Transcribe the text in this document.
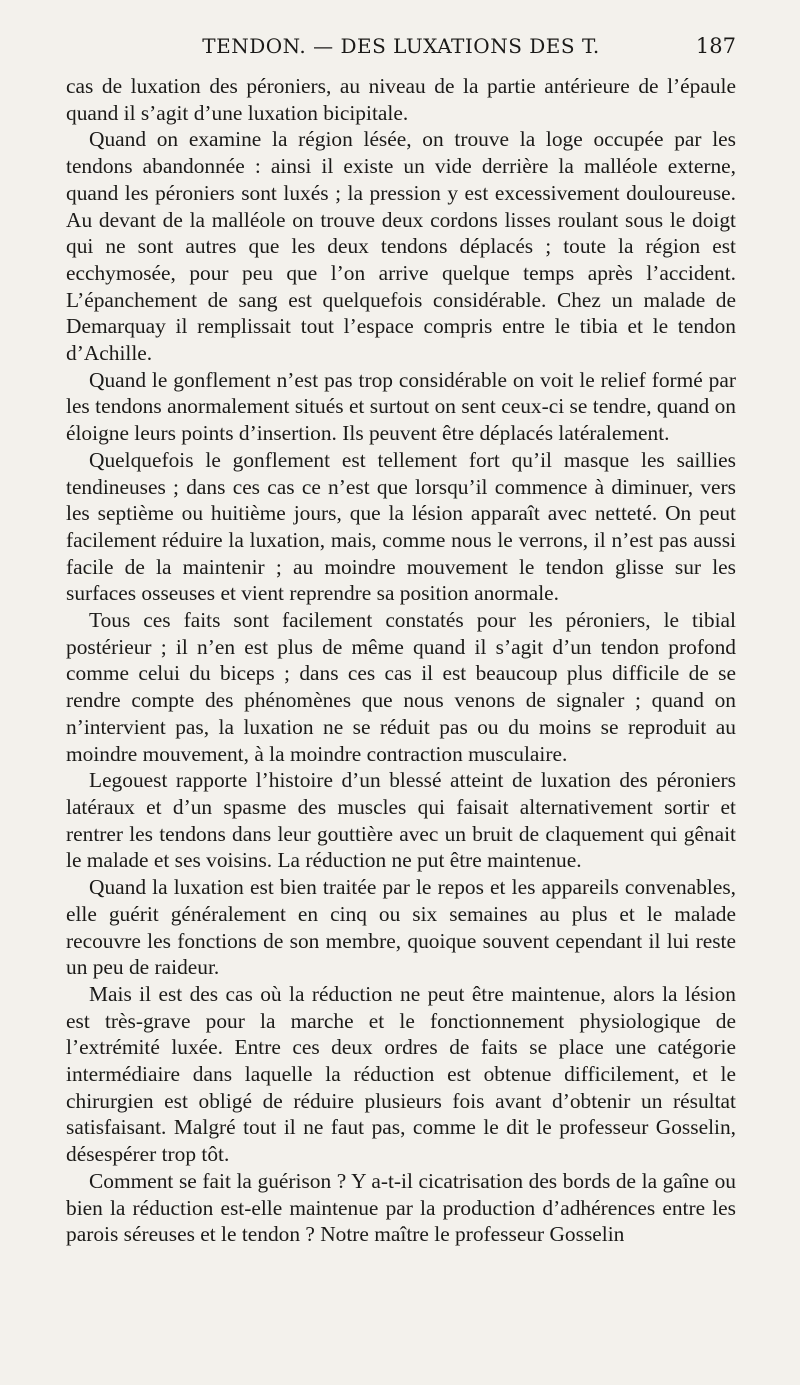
TENDON. — DES LUXATIONS DES T.	187

cas de luxation des péroniers, au niveau de la partie antérieure de l’épaule quand il s’agit d’une luxation bicipitale.

Quand on examine la région lésée, on trouve la loge occupée par les tendons abandonnée : ainsi il existe un vide derrière la malléole externe, quand les péroniers sont luxés ; la pression y est excessivement douloureuse. Au devant de la malléole on trouve deux cordons lisses roulant sous le doigt qui ne sont autres que les deux tendons déplacés ; toute la région est ecchymosée, pour peu que l’on arrive quelque temps après l’accident. L’épanchement de sang est quelquefois considérable. Chez un malade de Demarquay il remplissait tout l’espace compris entre le tibia et le tendon d’Achille.

Quand le gonflement n’est pas trop considérable on voit le relief formé par les tendons anormalement situés et surtout on sent ceux-ci se tendre, quand on éloigne leurs points d’insertion. Ils peuvent être déplacés latéralement.

Quelquefois le gonflement est tellement fort qu’il masque les saillies tendineuses ; dans ces cas ce n’est que lorsqu’il commence à diminuer, vers les septième ou huitième jours, que la lésion apparaît avec netteté. On peut facilement réduire la luxation, mais, comme nous le verrons, il n’est pas aussi facile de la maintenir ; au moindre mouvement le tendon glisse sur les surfaces osseuses et vient reprendre sa position anormale.

Tous ces faits sont facilement constatés pour les péroniers, le tibial postérieur ; il n’en est plus de même quand il s’agit d’un tendon profond comme celui du biceps ; dans ces cas il est beaucoup plus difficile de se rendre compte des phénomènes que nous venons de signaler ; quand on n’intervient pas, la luxation ne se réduit pas ou du moins se reproduit au moindre mouvement, à la moindre contraction musculaire.

Legouest rapporte l’histoire d’un blessé atteint de luxation des péroniers latéraux et d’un spasme des muscles qui faisait alternativement sortir et rentrer les tendons dans leur gouttière avec un bruit de claquement qui gênait le malade et ses voisins. La réduction ne put être maintenue.

Quand la luxation est bien traitée par le repos et les appareils convenables, elle guérit généralement en cinq ou six semaines au plus et le malade recouvre les fonctions de son membre, quoique souvent cependant il lui reste un peu de raideur.

Mais il est des cas où la réduction ne peut être maintenue, alors la lésion est très-grave pour la marche et le fonctionnement physiologique de l’extrémité luxée. Entre ces deux ordres de faits se place une catégorie intermédiaire dans laquelle la réduction est obtenue difficilement, et le chirurgien est obligé de réduire plusieurs fois avant d’obtenir un résultat satisfaisant. Malgré tout il ne faut pas, comme le dit le professeur Gosselin, désespérer trop tôt.

Comment se fait la guérison ? Y a-t-il cicatrisation des bords de la gaîne ou bien la réduction est-elle maintenue par la production d’adhérences entre les parois séreuses et le tendon ? Notre maître le professeur Gosselin
